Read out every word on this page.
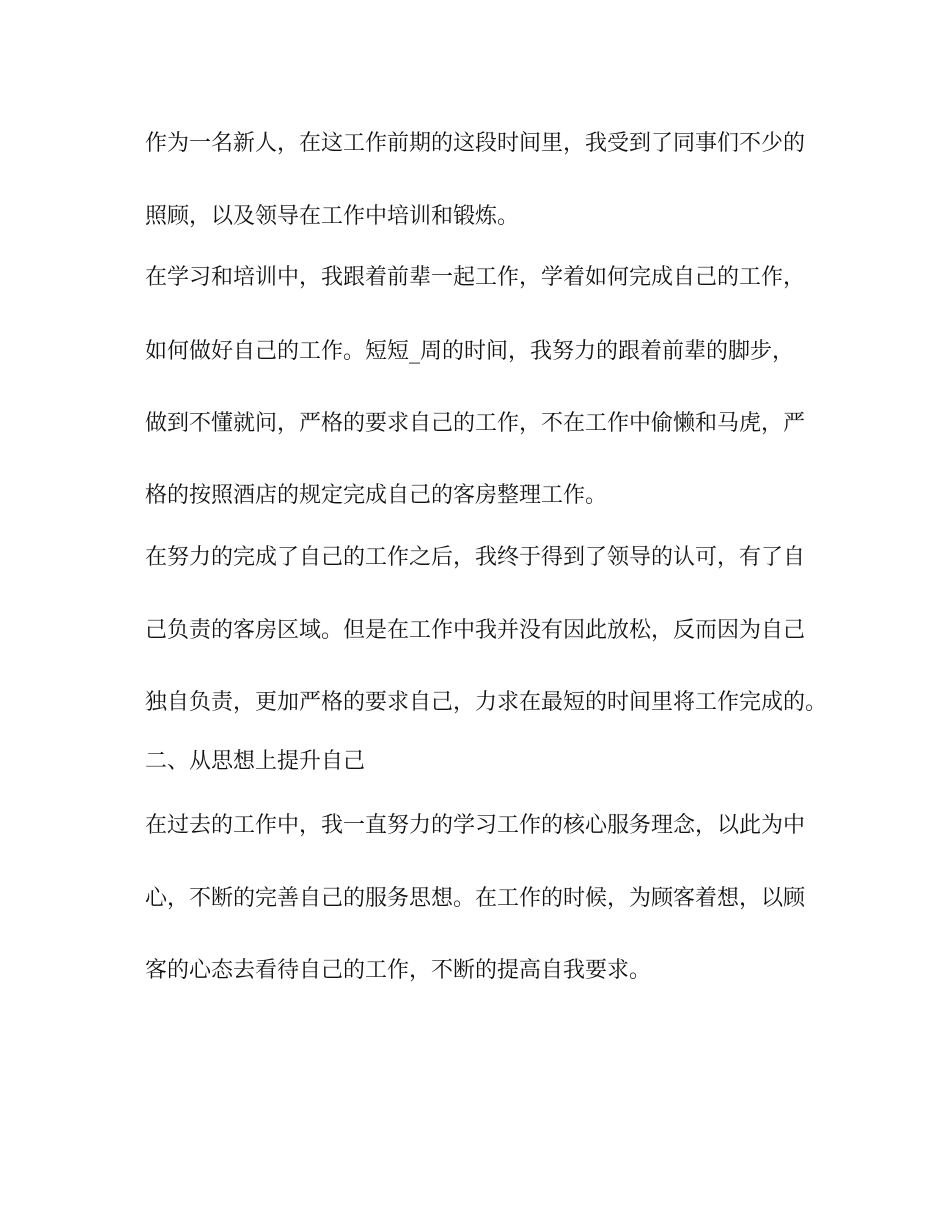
作为一名新人，在这工作前期的这段时间里，我受到了同事们不少的

照顾，以及领导在工作中培训和锻炼。

在学习和培训中，我跟着前辈一起工作，学着如何完成自己的工作，

如何做好自己的工作。短短_周的时间，我努力的跟着前辈的脚步，

做到不懂就问，严格的要求自己的工作，不在工作中偷懒和马虎，严

格的按照酒店的规定完成自己的客房整理工作。

在努力的完成了自己的工作之后，我终于得到了领导的认可，有了自

己负责的客房区域。但是在工作中我并没有因此放松，反而因为自己

独自负责，更加严格的要求自己，力求在最短的时间里将工作完成的。

二、从思想上提升自己

在过去的工作中，我一直努力的学习工作的核心服务理念，以此为中

心，不断的完善自己的服务思想。在工作的时候，为顾客着想，以顾

客的心态去看待自己的工作，不断的提高自我要求。
